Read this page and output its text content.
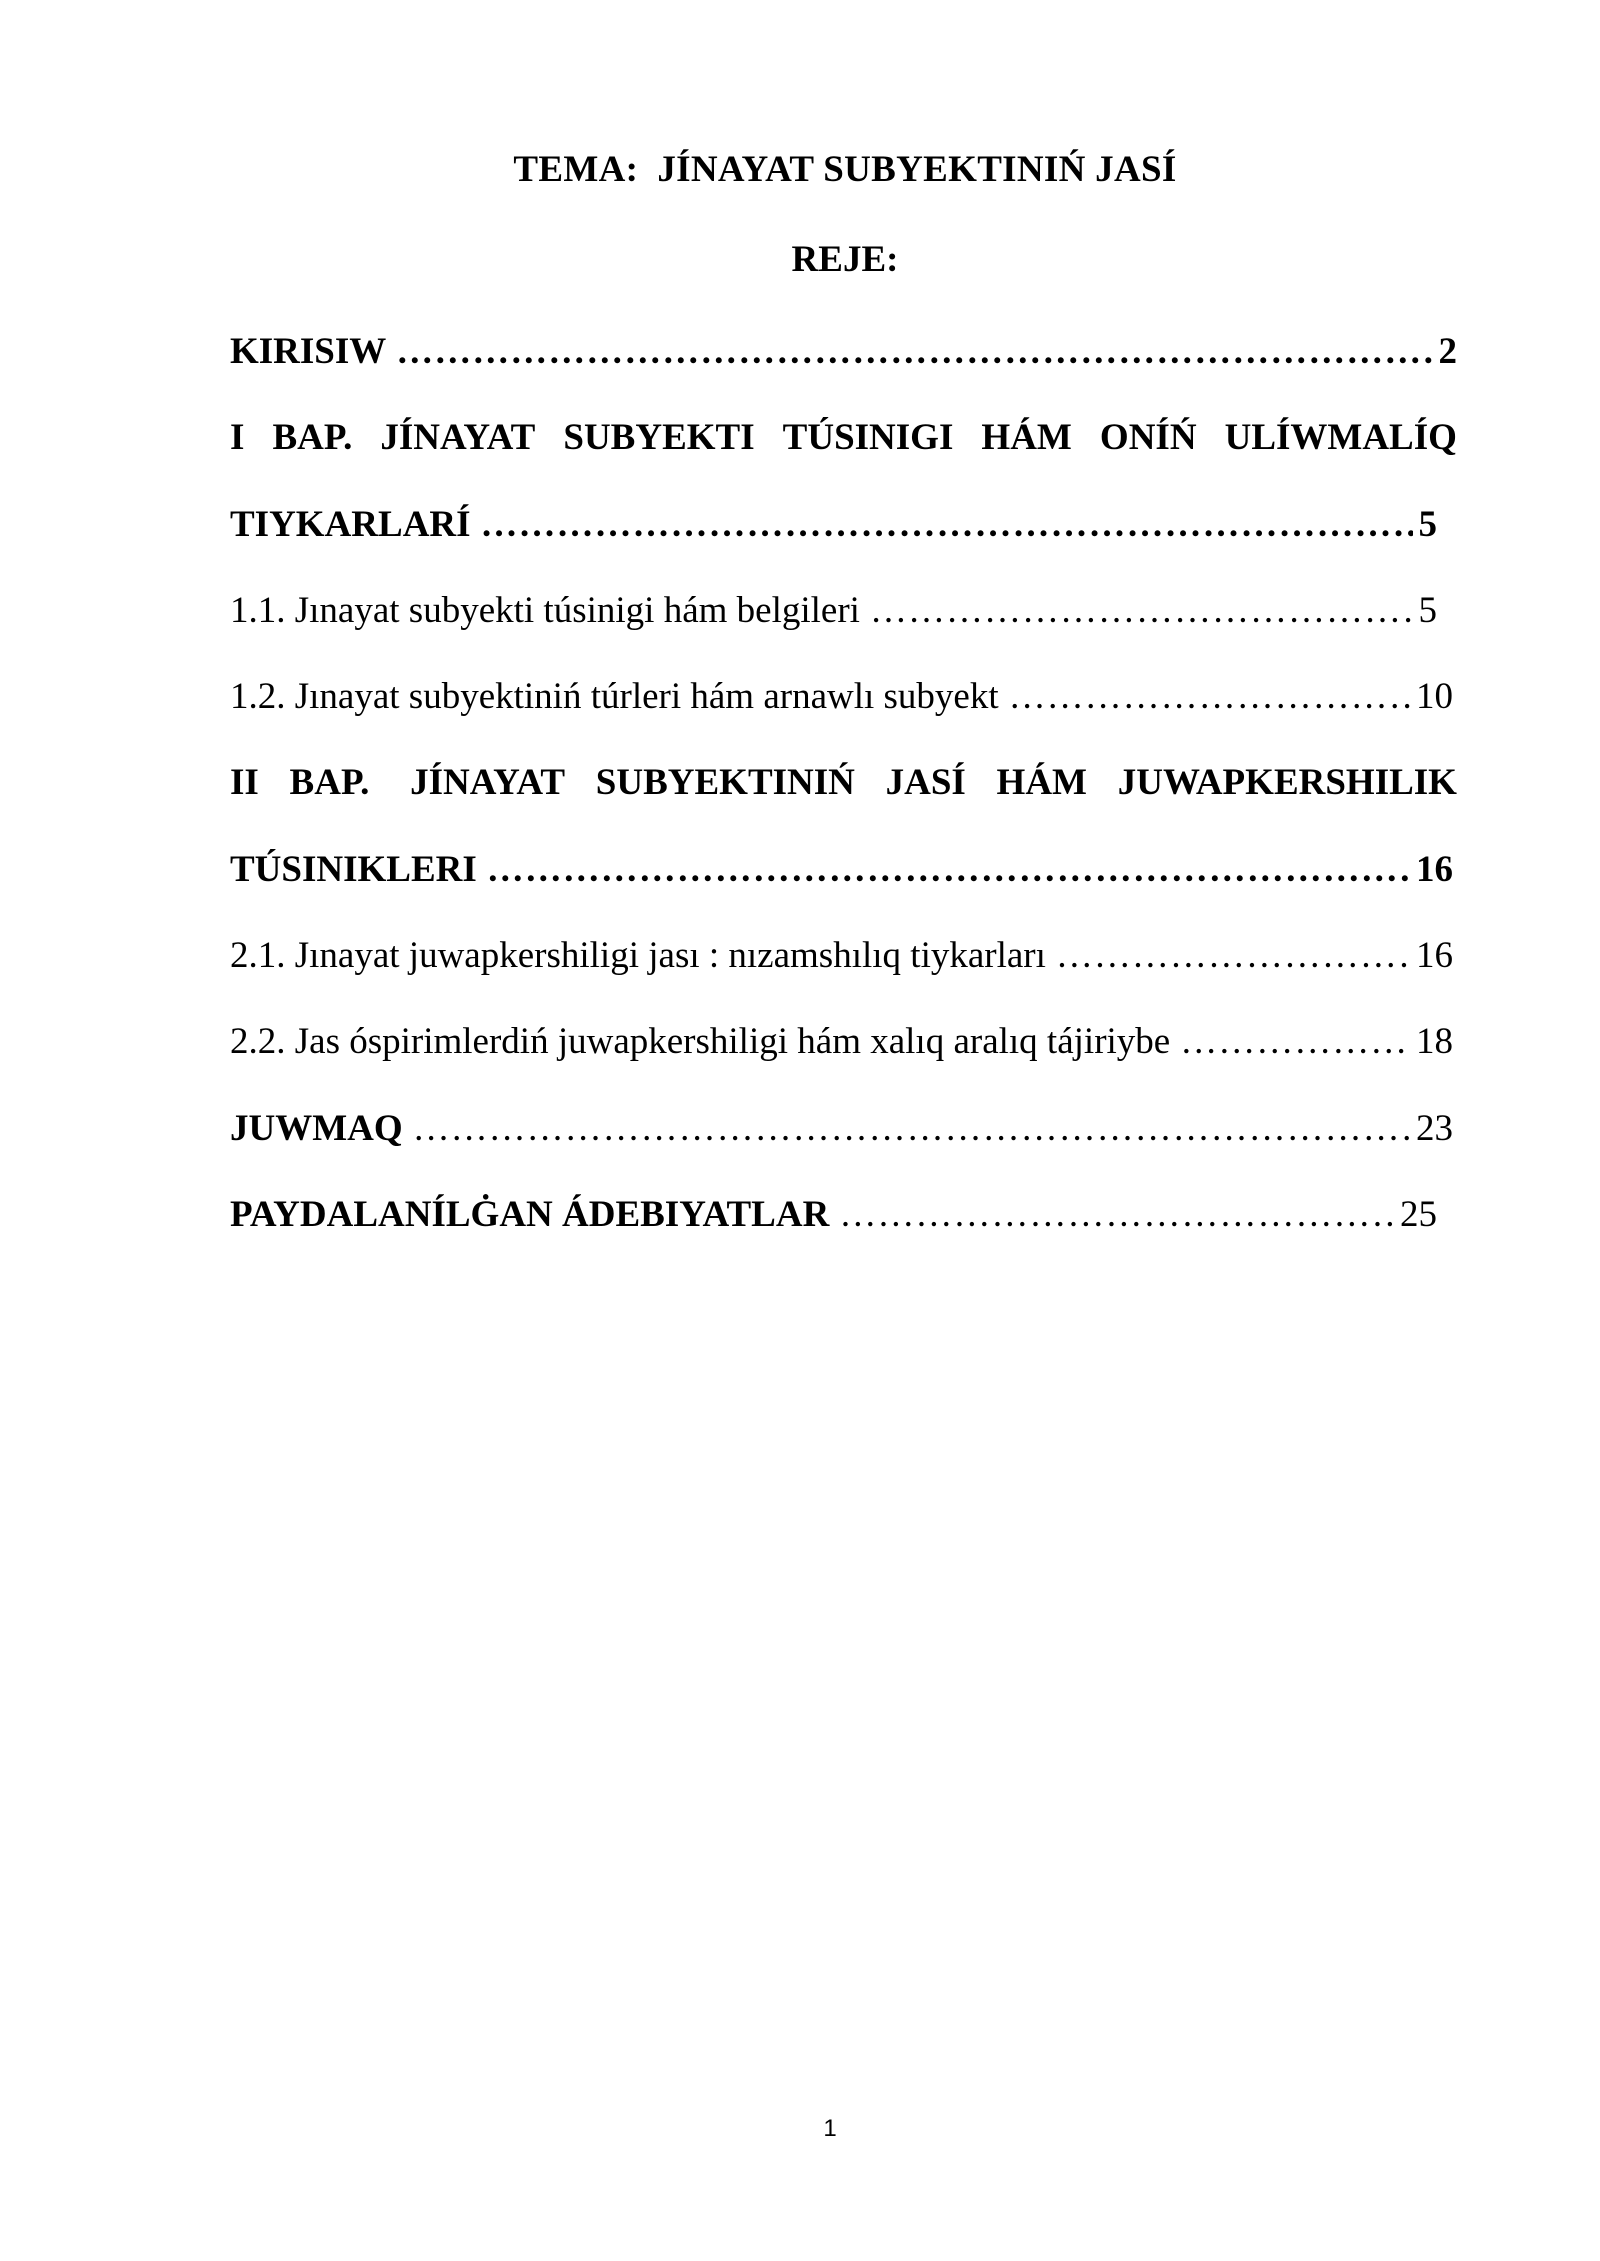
TEMA:  JÍNAYAT SUBYEKTINIŃ JASÍ
REJE:
KIRISIW ……………………………………………………………………………………………………………………………………………………………………………………	2
I BAP. JÍNAYAT SUBYEKTI TÚSINIGI HÁM ONÍŃ ULÍWMALÍQ
TIYKARLARÍ ……………………………………………………………………………………………………………………………………………………………………………………	5
1.1. Jınayat subyekti túsinigi hám belgileri ……………………………………………………………………………………………………………………………………………………………………………………	5
1.2. Jınayat subyektiniń túrleri hám arnawlı subyekt ……………………………………………………………………………………………………………………………………………………………………………………	10
II BAP. JÍNAYAT SUBYEKTINIŃ JASÍ HÁM JUWAPKERSHILIK
TÚSINIKLERI ……………………………………………………………………………………………………………………………………………………………………………………	16
2.1. Jınayat juwapkershiligi jası : nızamshılıq tiykarları ……………………………………………………………………………………………………………………………………………………………………………………	16
2.2. Jas óspirimlerdiń juwapkershiligi hám xalıq aralıq tájiriybe ……………………………………………………………………………………………………………………………………………………………………………………	18
JUWMAQ ……………………………………………………………………………………………………………………………………………………………………………………	23
PAYDALANÍLĠAN ÁDEBIYATLAR ……………………………………………………………………………………………………………………………………………………………………………………	25
1
